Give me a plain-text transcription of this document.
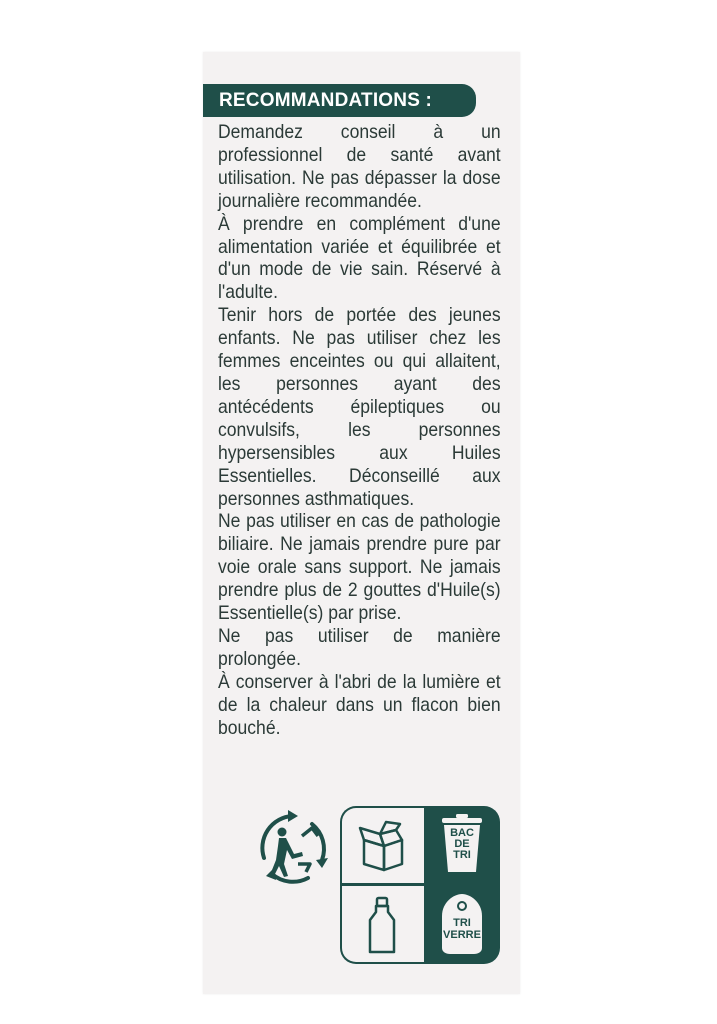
RECOMMANDATIONS :

Demandez conseil à un professionnel de santé avant utilisation. Ne pas dépasser la dose journalière recommandée.

À prendre en complément d'une alimentation variée et équilibrée et d'un mode de vie sain. Réservé à l'adulte.

Tenir hors de portée des jeunes enfants. Ne pas utiliser chez les femmes enceintes ou qui allaitent, les personnes ayant des antécédents épileptiques ou convulsifs, les personnes hypersensibles aux Huiles Essentielles. Déconseillé aux personnes asthmatiques.

Ne pas utiliser en cas de pathologie biliaire. Ne jamais prendre pure par voie orale sans support. Ne jamais prendre plus de 2 gouttes d'Huile(s) Essentielle(s) par prise.

Ne pas utiliser de manière prolongée.

À conserver à l'abri de la lumière et de la chaleur dans un flacon bien bouché.

BAC
DE
TRI
TRI
VERRE
